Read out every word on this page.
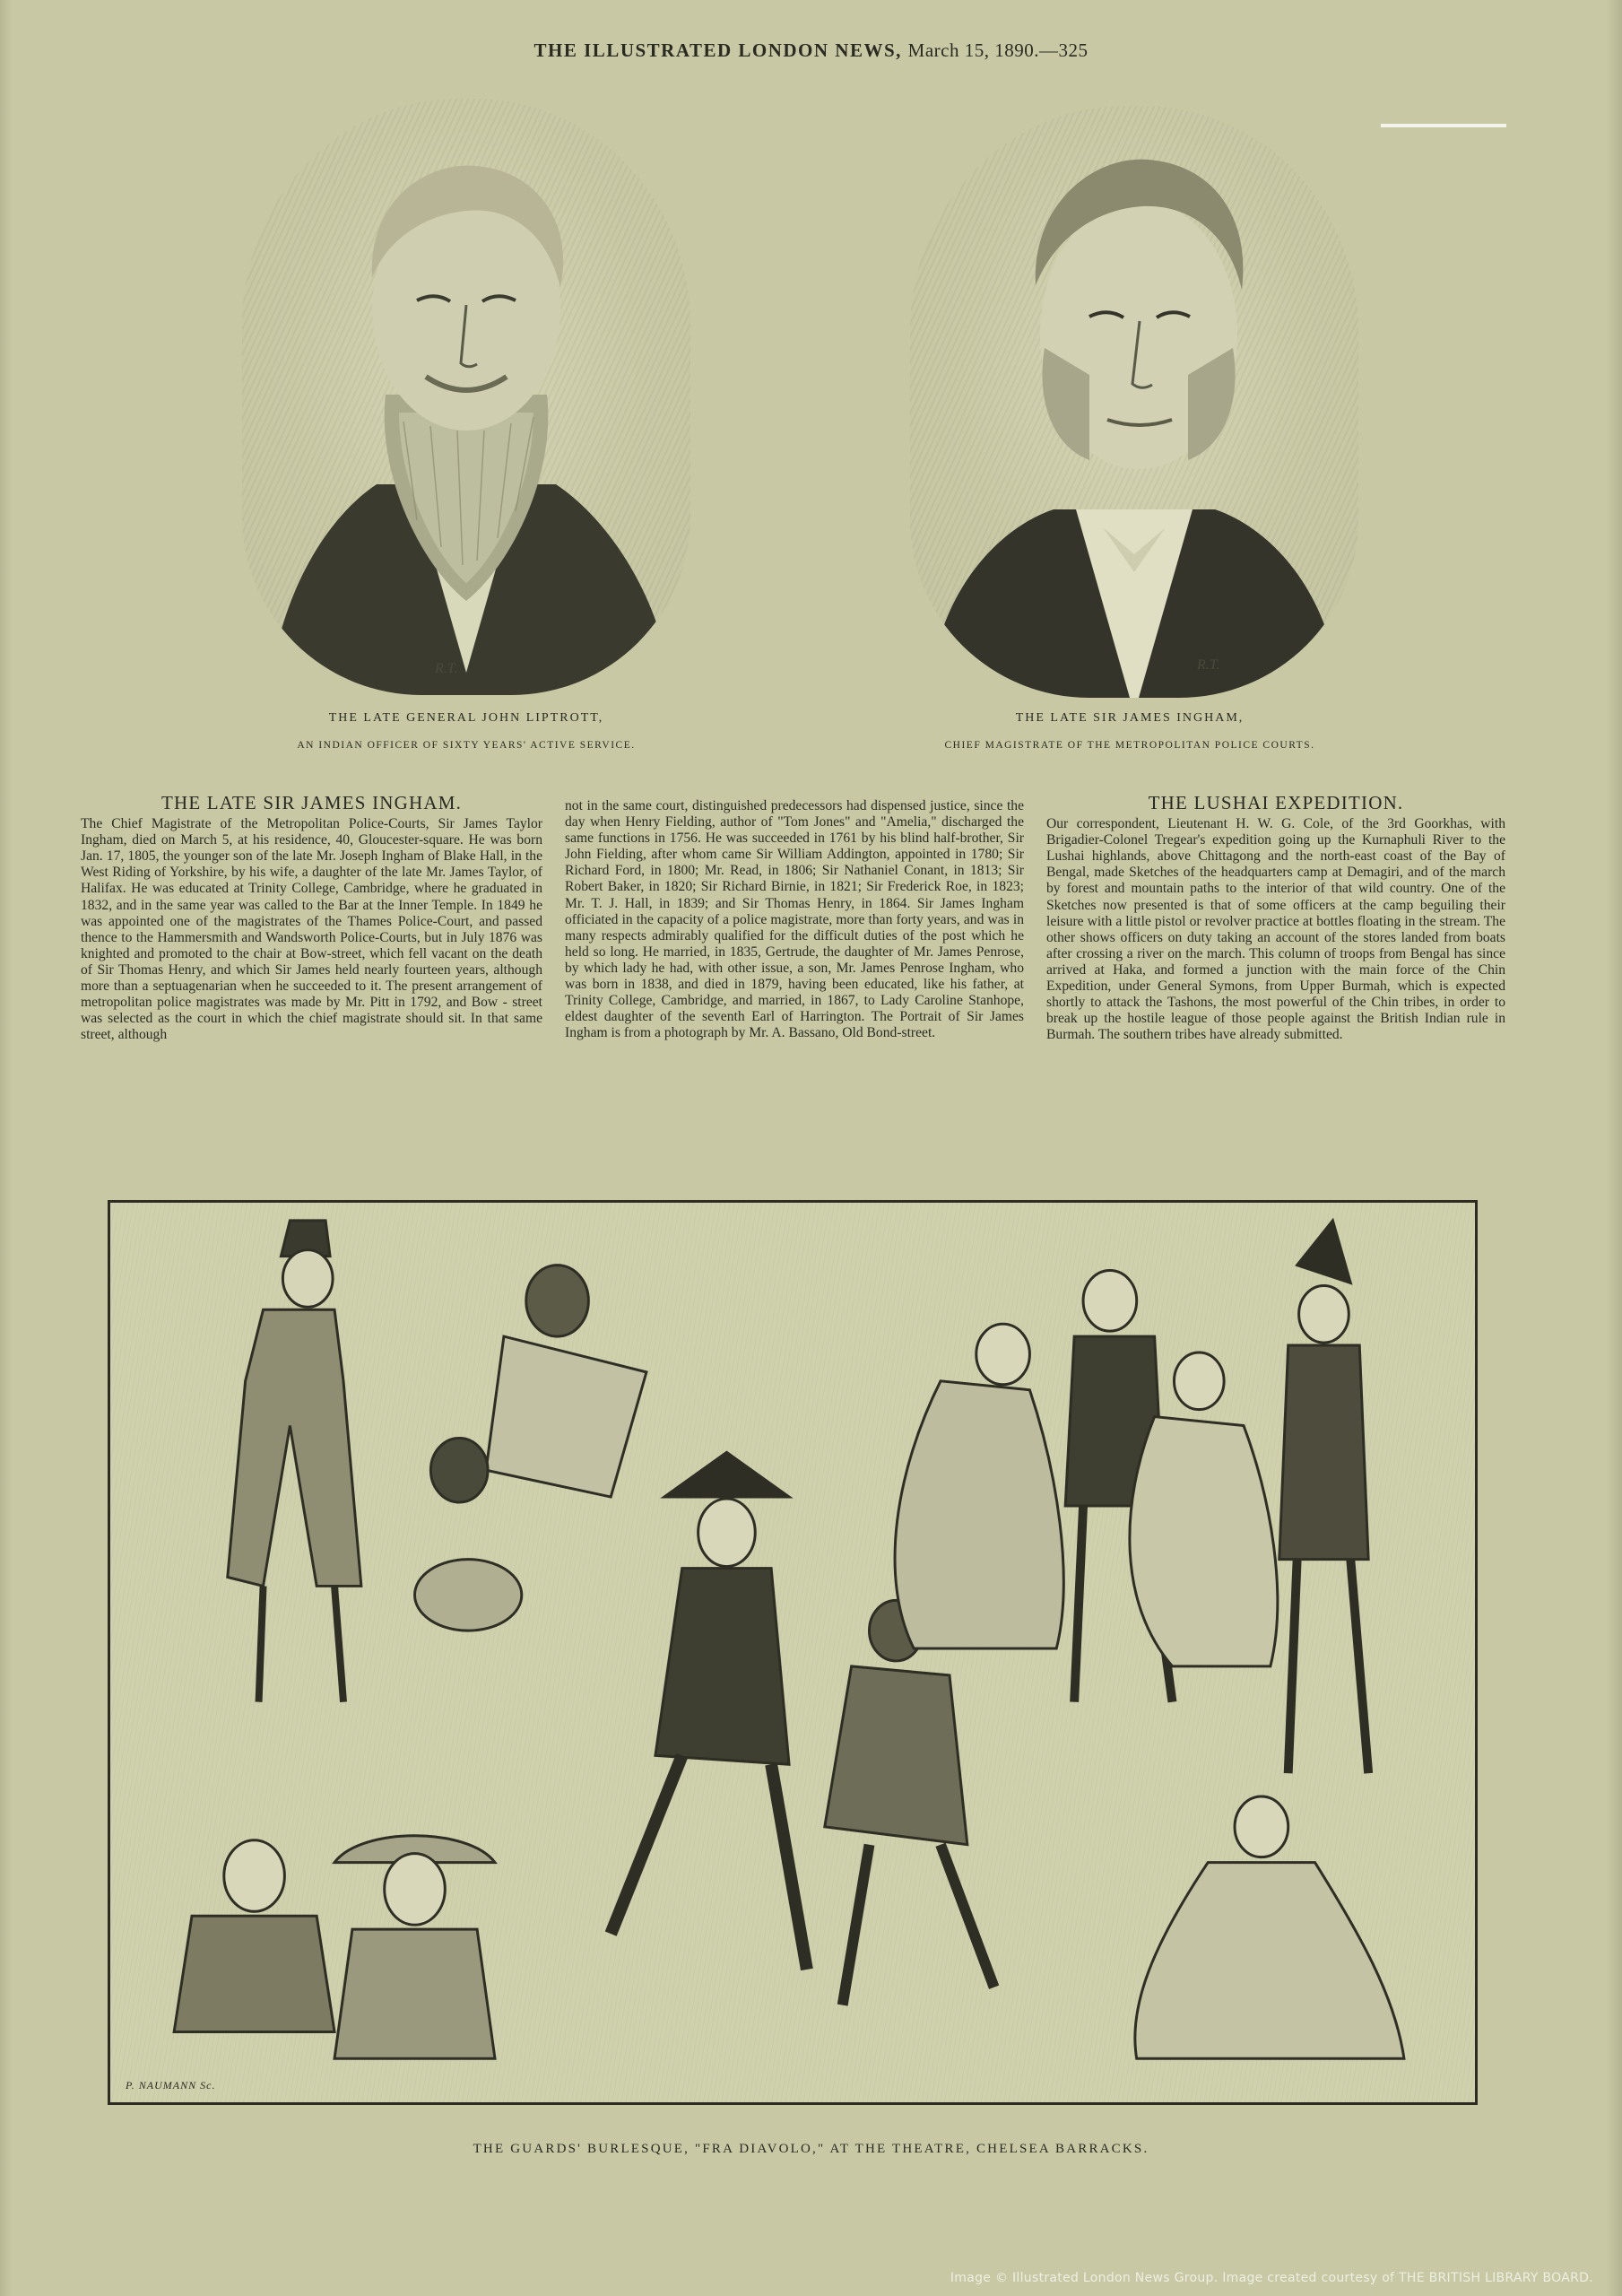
THE ILLUSTRATED LONDON NEWS, March 15, 1890.—325
R.T.
THE LATE GENERAL JOHN LIPTROTT,
AN INDIAN OFFICER OF SIXTY YEARS' ACTIVE SERVICE.
R.T.
THE LATE SIR JAMES INGHAM,
CHIEF MAGISTRATE OF THE METROPOLITAN POLICE COURTS.
THE LATE SIR JAMES INGHAM.

The Chief Magistrate of the Metropolitan Police-Courts, Sir James Taylor Ingham, died on March 5, at his residence, 40, Gloucester-square. He was born Jan. 17, 1805, the younger son of the late Mr. Joseph Ingham of Blake Hall, in the West Riding of Yorkshire, by his wife, a daughter of the late Mr. James Taylor, of Halifax. He was educated at Trinity College, Cambridge, where he graduated in 1832, and in the same year was called to the Bar at the Inner Temple. In 1849 he was appointed one of the magistrates of the Thames Police-Court, and passed thence to the Hammersmith and Wandsworth Police-Courts, but in July 1876 was knighted and promoted to the chair at Bow-street, which fell vacant on the death of Sir Thomas Henry, and which Sir James held nearly fourteen years, although more than a septuagenarian when he succeeded to it. The present arrangement of metropolitan police magistrates was made by Mr. Pitt in 1792, and Bow - street was selected as the court in which the chief magistrate should sit. In that same street, although

not in the same court, distinguished predecessors had dispensed justice, since the day when Henry Fielding, author of "Tom Jones" and "Amelia," discharged the same functions in 1756. He was succeeded in 1761 by his blind half-brother, Sir John Fielding, after whom came Sir William Addington, appointed in 1780; Sir Richard Ford, in 1800; Mr. Read, in 1806; Sir Nathaniel Conant, in 1813; Sir Robert Baker, in 1820; Sir Richard Birnie, in 1821; Sir Frederick Roe, in 1823; Mr. T. J. Hall, in 1839; and Sir Thomas Henry, in 1864. Sir James Ingham officiated in the capacity of a police magistrate, more than forty years, and was in many respects admirably qualified for the difficult duties of the post which he held so long. He married, in 1835, Gertrude, the daughter of Mr. James Penrose, by which lady he had, with other issue, a son, Mr. James Penrose Ingham, who was born in 1838, and died in 1879, having been educated, like his father, at Trinity College, Cambridge, and married, in 1867, to Lady Caroline Stanhope, eldest daughter of the seventh Earl of Harrington. The Portrait of Sir James Ingham is from a photograph by Mr. A. Bassano, Old Bond-street.

THE LUSHAI EXPEDITION.

Our correspondent, Lieutenant H. W. G. Cole, of the 3rd Goorkhas, with Brigadier-Colonel Tregear's expedition going up the Kurnaphuli River to the Lushai highlands, above Chittagong and the north-east coast of the Bay of Bengal, made Sketches of the headquarters camp at Demagiri, and of the march by forest and mountain paths to the interior of that wild country. One of the Sketches now presented is that of some officers at the camp beguiling their leisure with a little pistol or revolver practice at bottles floating in the stream. The other shows officers on duty taking an account of the stores landed from boats after crossing a river on the march. This column of troops from Bengal has since arrived at Haka, and formed a junction with the main force of the Chin Expedition, under General Symons, from Upper Burmah, which is expected shortly to attack the Tashons, the most powerful of the Chin tribes, in order to break up the hostile league of those people against the British Indian rule in Burmah. The southern tribes have already submitted.

P. NAUMANN Sc.
THE GUARDS' BURLESQUE, "FRA DIAVOLO," AT THE THEATRE, CHELSEA BARRACKS.
Image © Illustrated London News Group. Image created courtesy of THE BRITISH LIBRARY BOARD.
